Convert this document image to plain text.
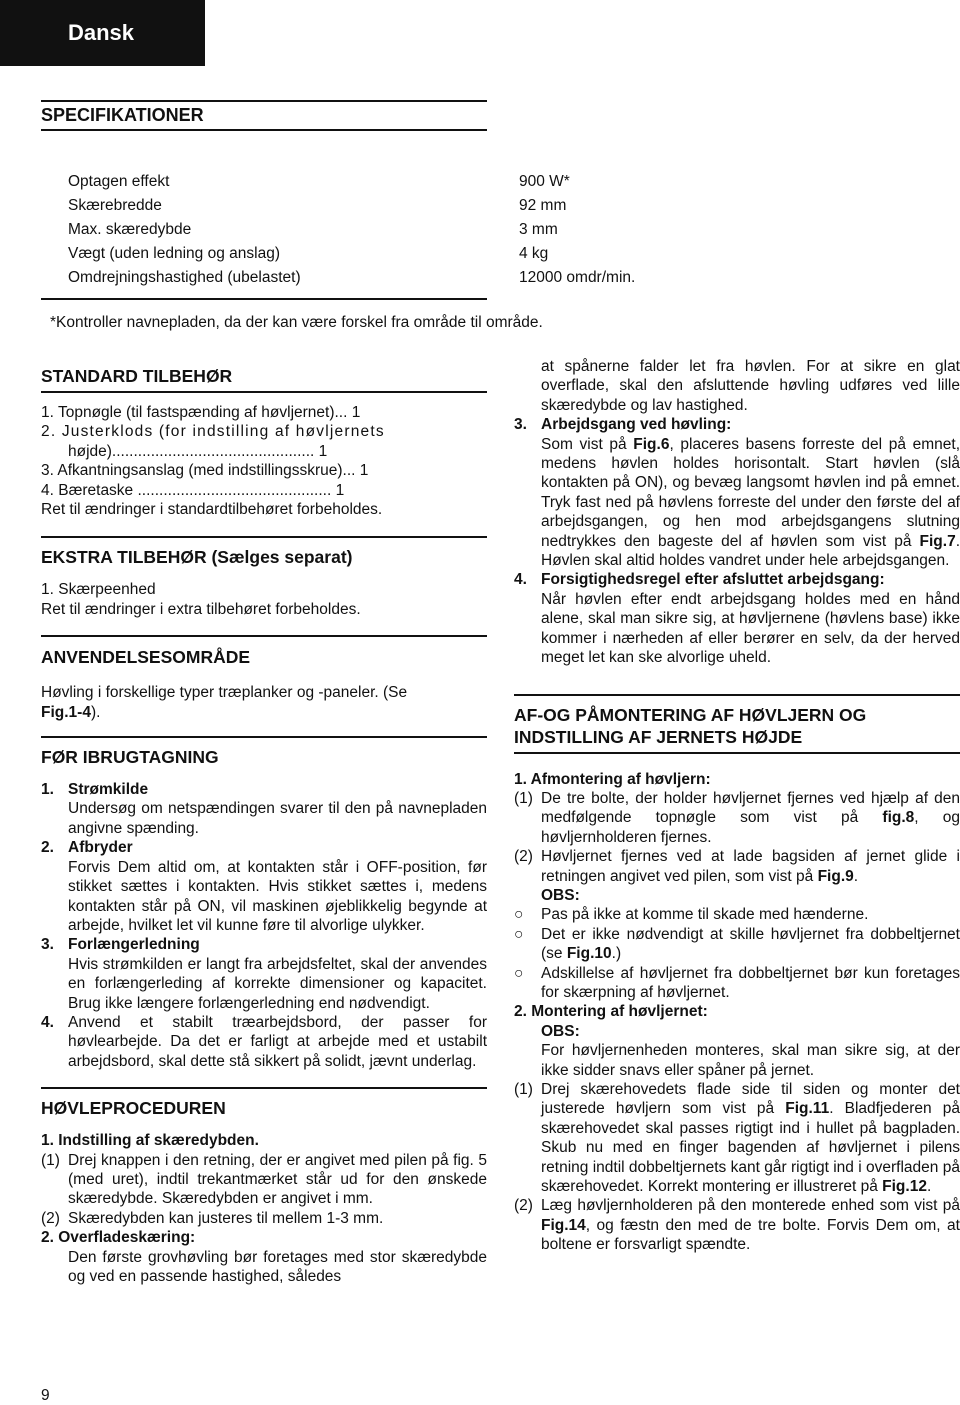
Dansk
SPECIFIKATIONER
Optagen effekt	900 W*
Skærebredde	92 mm
Max. skæredybde	3 mm
Vægt (uden ledning og anslag)	4 kg
Omdrejningshastighed (ubelastet)	12000 omdr/min.
*Kontroller navnepladen, da der kan være forskel fra område til område.

STANDARD TILBEHØR

1. Topnøgle (til fastspænding af høvljernet)... 1

2. Justerklods (for indstilling af høvljernets

højde)............................................... 1

3. Afkantningsanslag (med indstillingsskrue)... 1

4. Bæretaske ............................................. 1

Ret til ændringer i standardtilbehøret forbeholdes.

EKSTRA TILBEHØR (Sælges separat)

1. Skærpeenhed

Ret til ændringer i extra tilbehøret forbeholdes.

ANVENDELSESOMRÅDE

Høvling i forskellige typer træplanker og -paneler. (Se
Fig.1-4).

FØR IBRUGTAGNING

1. Strømkilde
Undersøg om netspændingen svarer til den på navnepladen angivne spænding.
2. Afbryder
Forvis Dem altid om, at kontakten står i OFF-position, før stikket sættes i kontakten. Hvis stikket sættes i, medens kontakten står på ON, vil maskinen øjeblikkelig begynde at arbejde, hvilket let vil kunne føre til alvorlige ulykker.
3. Forlængerledning
Hvis strømkilden er langt fra arbejdsfeltet, skal der anvendes en forlængerleding af korrekte dimensioner og kapacitet. Brug ikke længere forlængerledning end nødvendigt.
4. Anvend et stabilt træarbejdsbord, der passer for høvlearbejde. Da det er farligt at arbejde med et ustabilt arbejdsbord, skal dette stå sikkert på solidt, jævnt underlag.

HØVLEPROCEDUREN

1. Indstilling af skæredybden.

(1) Drej knappen i den retning, der er angivet med pilen på fig. 5 (med uret), indtil trekantmærket står ud for den ønskede skæredybde. Skæredybden er angivet i mm.
(2) Skæredybden kan justeres til mellem 1-3 mm.

2. Overfladeskæring:

Den første grovhøvling bør foretages med stor skæredybde og ved en passende hastighed, således

at spånerne falder let fra høvlen. For at sikre en glat overflade, skal den afsluttende høvling udføres ved lille skæredybde og lav hastighed.

3. Arbejdsgang ved høvling:
Som vist på Fig.6, placeres basens forreste del på emnet, medens høvlen holdes horisontalt. Start høvlen (slå kontakten på ON), og bevæg langsomt høvlen ind på emnet. Tryk fast ned på høvlens forreste del under den første del af arbejdsgangen, og hen mod arbejdsgangens slutning nedtrykkes den bageste del af høvlen som vist på Fig.7. Høvlen skal altid holdes vandret under hele arbejdsgangen.
4. Forsigtighedsregel efter afsluttet arbejdsgang:
Når høvlen efter endt arbejdsgang holdes med en hånd alene, skal man sikre sig, at høvljernene (høvlens base) ikke kommer i nærheden af eller berører en selv, da der herved meget let kan ske alvorlige uheld.

AF-OG PÅMONTERING AF HØVLJERN OG INDSTILLING AF JERNETS HØJDE

1. Afmontering af høvljern:

(1) De tre bolte, der holder høvljernet fjernes ved hjælp af den medfølgende topnøgle som vist på fig.8, og høvljernholderen fjernes.
(2) Høvljernet fjernes ved at lade bagsiden af jernet glide i retningen angivet ved pilen, som vist på Fig.9.
OBS:
○	Pas på ikke at komme til skade med hænderne.
○	Det er ikke nødvendigt at skille høvljernet fra dobbeltjernet (se Fig.10.)
○	Adskillelse af høvljernet fra dobbeltjernet bør kun foretages for skærpning af høvljernet.

2. Montering af høvljernet:

OBS:

For høvljernenheden monteres, skal man sikre sig, at der ikke sidder snavs eller spåner på jernet.

(1) Drej skærehovedets flade side til siden og monter det justerede høvljern som vist på Fig.11. Bladfjederen på skærehovedet skal passes rigtigt ind i hullet på bagpladen. Skub nu med en finger bagenden af høvljernet i pilens retning indtil dobbeltjernets kant går rigtigt ind i overfladen på skærehovedet. Korrekt montering er illustreret på Fig.12.
(2) Læg høvljernholderen på den monterede enhed som vist på Fig.14, og fæstn den med de tre bolte. Forvis Dem om, at boltene er forsvarligt spændte.
9
